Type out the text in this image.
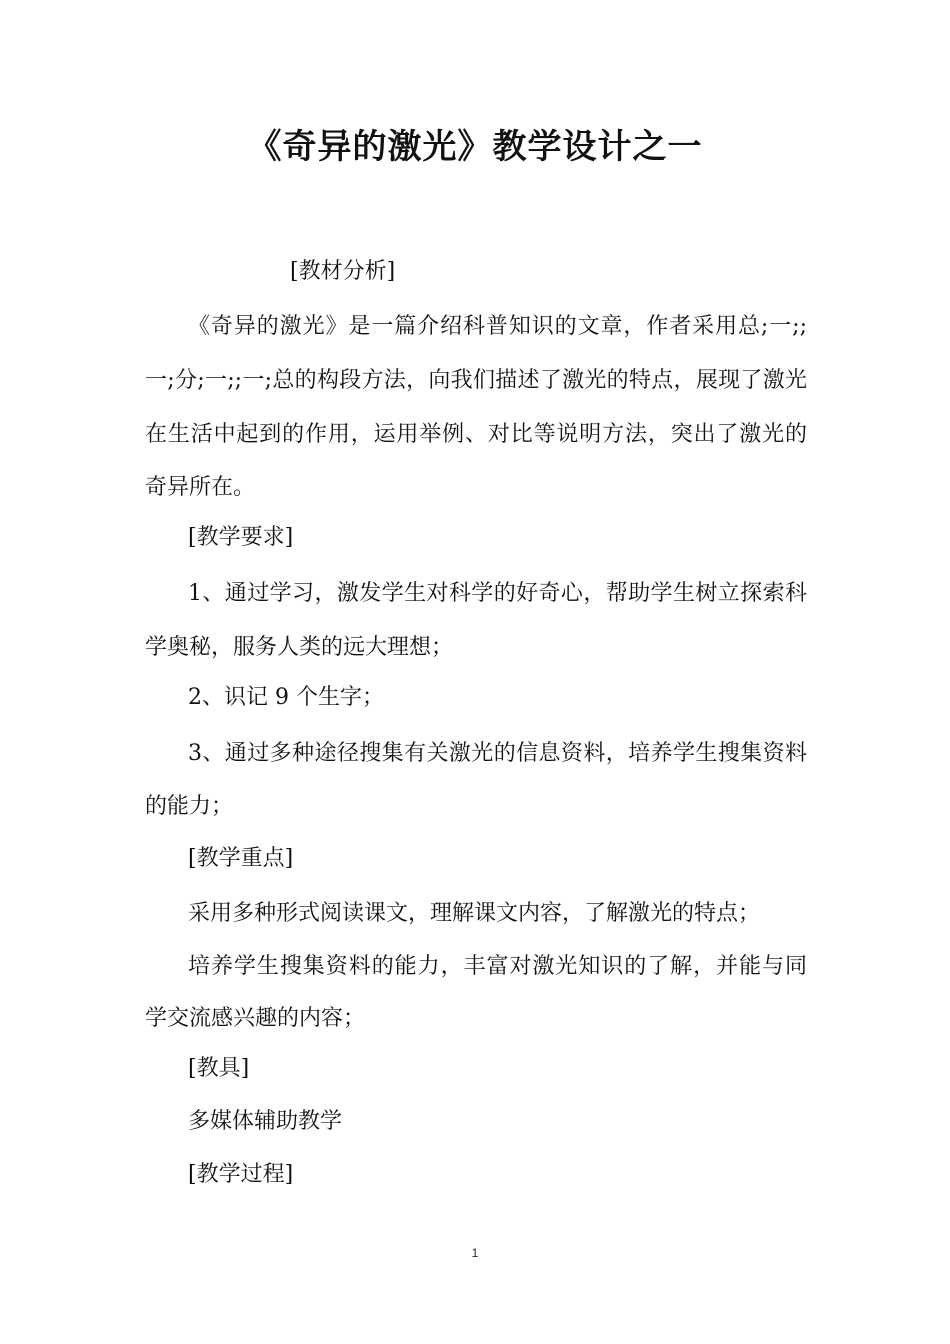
《奇异的激光》教学设计之一

[教材分析]

《奇异的激光》是一篇介绍科普知识的文章，作者采用总;一;;

一;分;一;;一;总的构段方法，向我们描述了激光的特点，展现了激光

在生活中起到的作用，运用举例、对比等说明方法，突出了激光的

奇异所在。

[教学要求]

1、通过学习，激发学生对科学的好奇心，帮助学生树立探索科

学奥秘，服务人类的远大理想；

2、识记 9 个生字；

3、通过多种途径搜集有关激光的信息资料，培养学生搜集资料

的能力；

[教学重点]

采用多种形式阅读课文，理解课文内容，了解激光的特点；

培养学生搜集资料的能力，丰富对激光知识的了解，并能与同

学交流感兴趣的内容；

[教具]

多媒体辅助教学

[教学过程]

1
